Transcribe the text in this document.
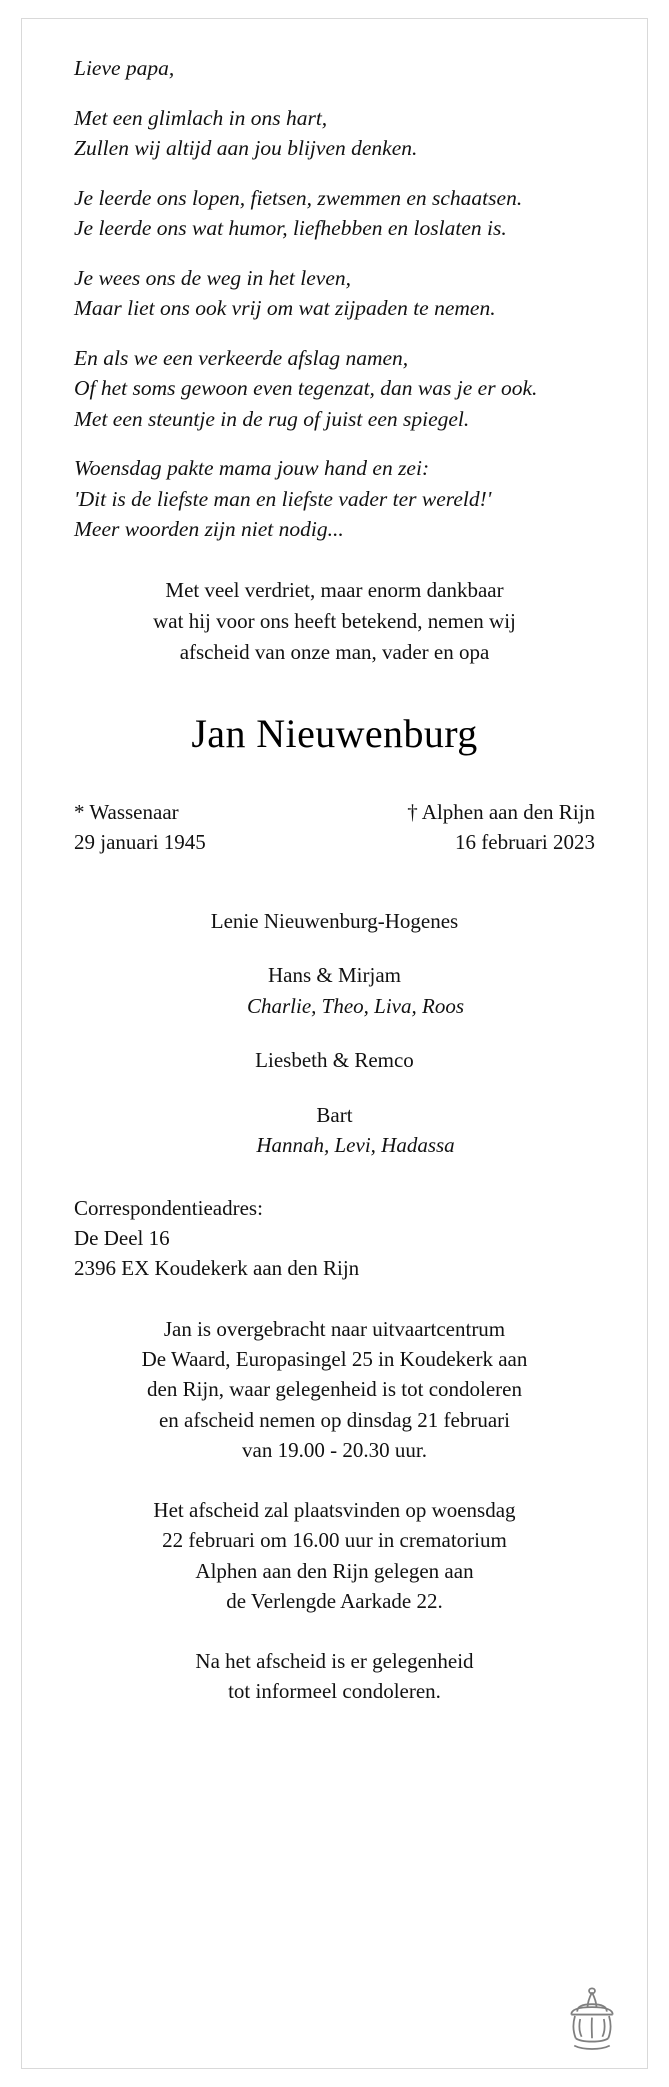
Lieve papa,
Met een glimlach in ons hart,
Zullen wij altijd aan jou blijven denken.
Je leerde ons lopen, fietsen, zwemmen en schaatsen.
Je leerde ons wat humor, liefhebben en loslaten is.
Je wees ons de weg in het leven,
Maar liet ons ook vrij om wat zijpaden te nemen.
En als we een verkeerde afslag namen,
Of het soms gewoon even tegenzat, dan was je er ook.
Met een steuntje in de rug of juist een spiegel.
Woensdag pakte mama jouw hand en zei:
'Dit is de liefste man en liefste vader ter wereld!'
Meer woorden zijn niet nodig...
Met veel verdriet, maar enorm dankbaar
wat hij voor ons heeft betekend, nemen wij
afscheid van onze man, vader en opa
Jan Nieuwenburg
* Wassenaar
29 januari 1945
† Alphen aan den Rijn
16 februari 2023
Lenie Nieuwenburg-Hogenes
Hans & Mirjam
Charlie, Theo, Liva, Roos
Liesbeth & Remco
Bart
Hannah, Levi, Hadassa
Correspondentieadres:
De Deel 16
2396 EX Koudekerk aan den Rijn
Jan is overgebracht naar uitvaartcentrum
De Waard, Europasingel 25 in Koudekerk aan
den Rijn, waar gelegenheid is tot condoleren
en afscheid nemen op dinsdag 21 februari
van 19.00 - 20.30 uur.
Het afscheid zal plaatsvinden op woensdag
22 februari om 16.00 uur in crematorium
Alphen aan den Rijn gelegen aan
de Verlengde Aarkade 22.
Na het afscheid is er gelegenheid
tot informeel condoleren.
